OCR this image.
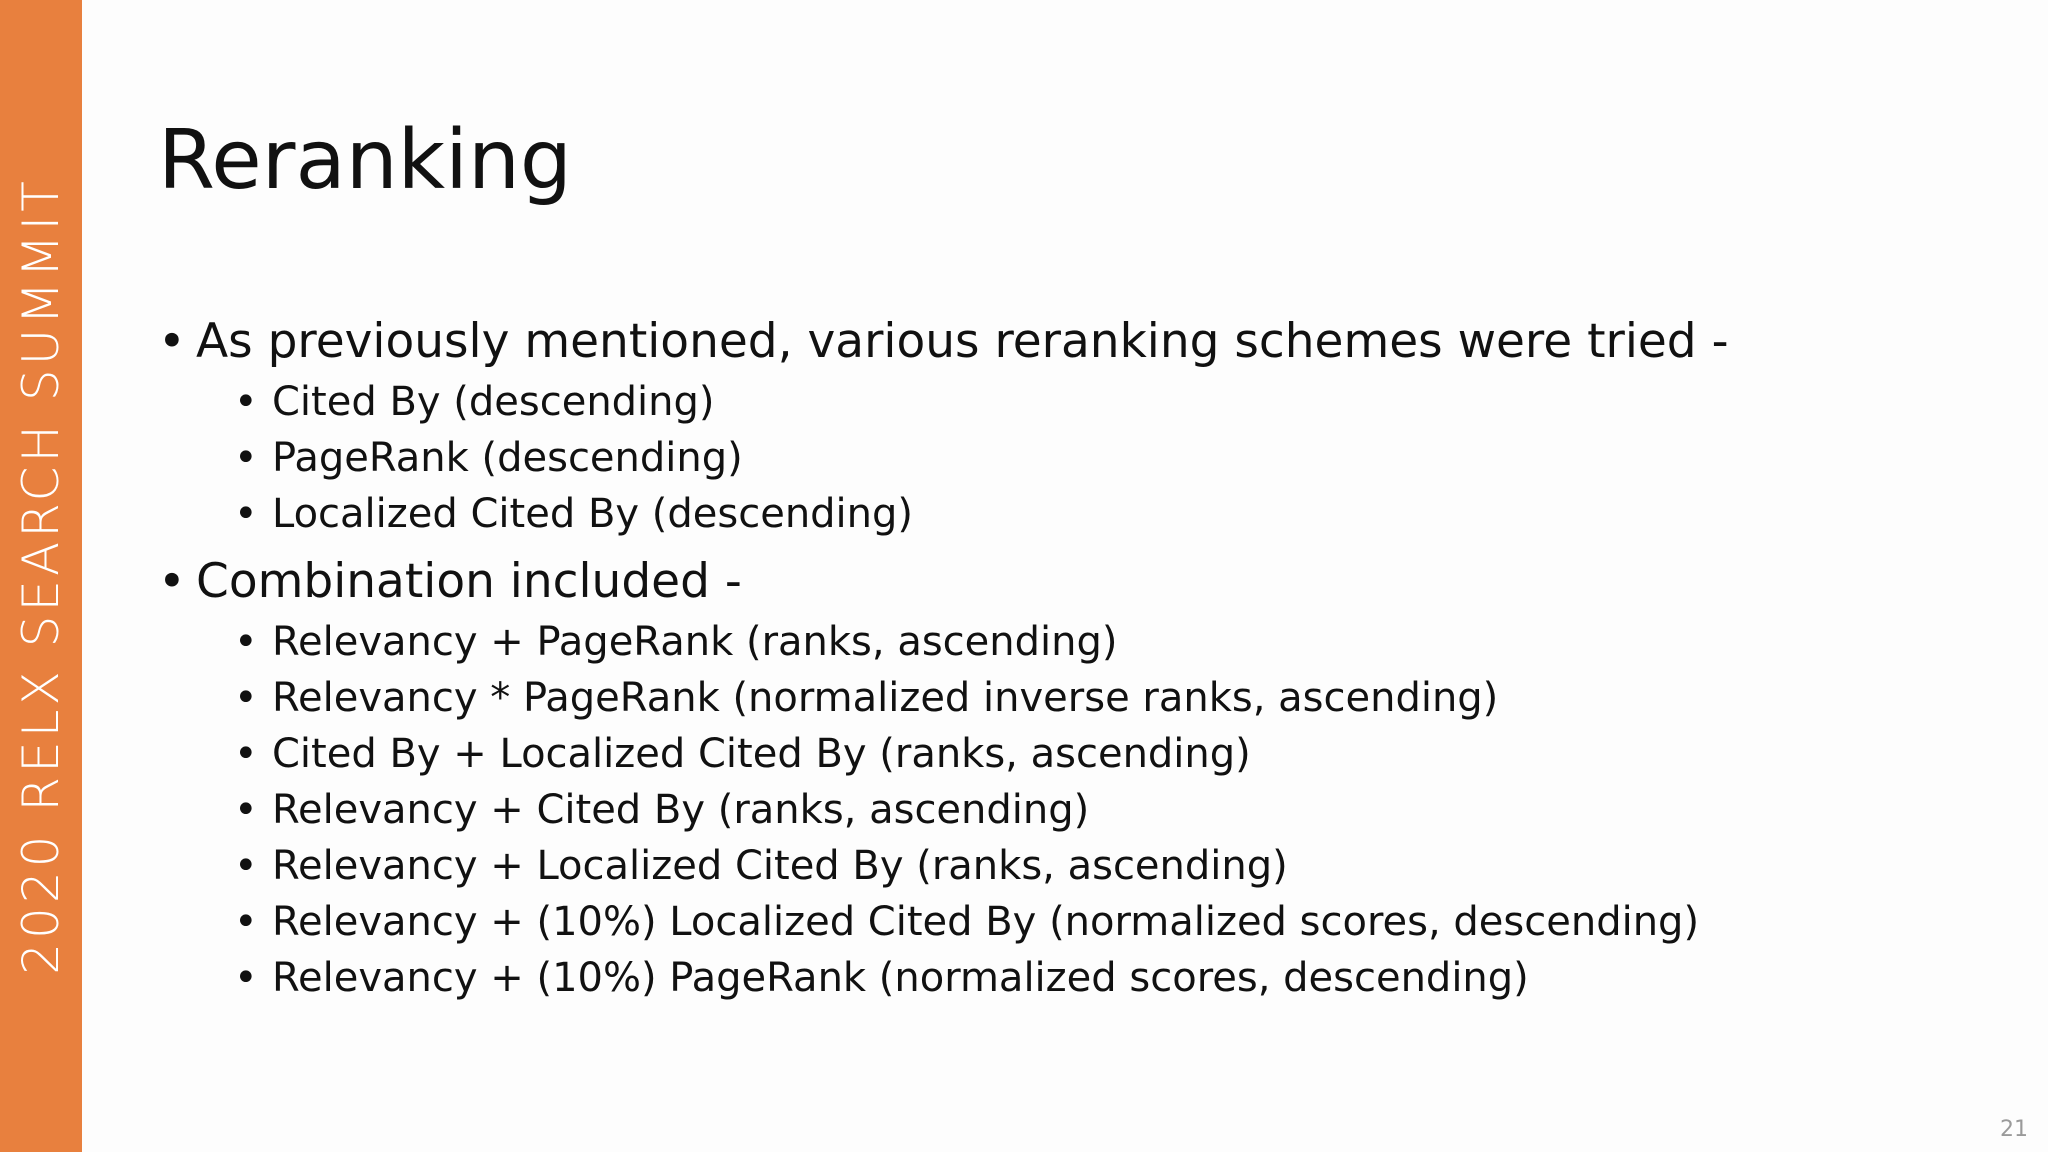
2020 RELX SEARCH SUMMIT
Reranking
• As previously mentioned, various reranking schemes were tried -
• Cited By (descending)
• PageRank (descending)
• Localized Cited By (descending)
• Combination included -
• Relevancy + PageRank (ranks, ascending)
• Relevancy * PageRank (normalized inverse ranks, ascending)
• Cited By + Localized Cited By (ranks, ascending)
• Relevancy + Cited By (ranks, ascending)
• Relevancy + Localized Cited By (ranks, ascending)
• Relevancy + (10%) Localized Cited By (normalized scores, descending)
• Relevancy + (10%) PageRank (normalized scores, descending)
21
